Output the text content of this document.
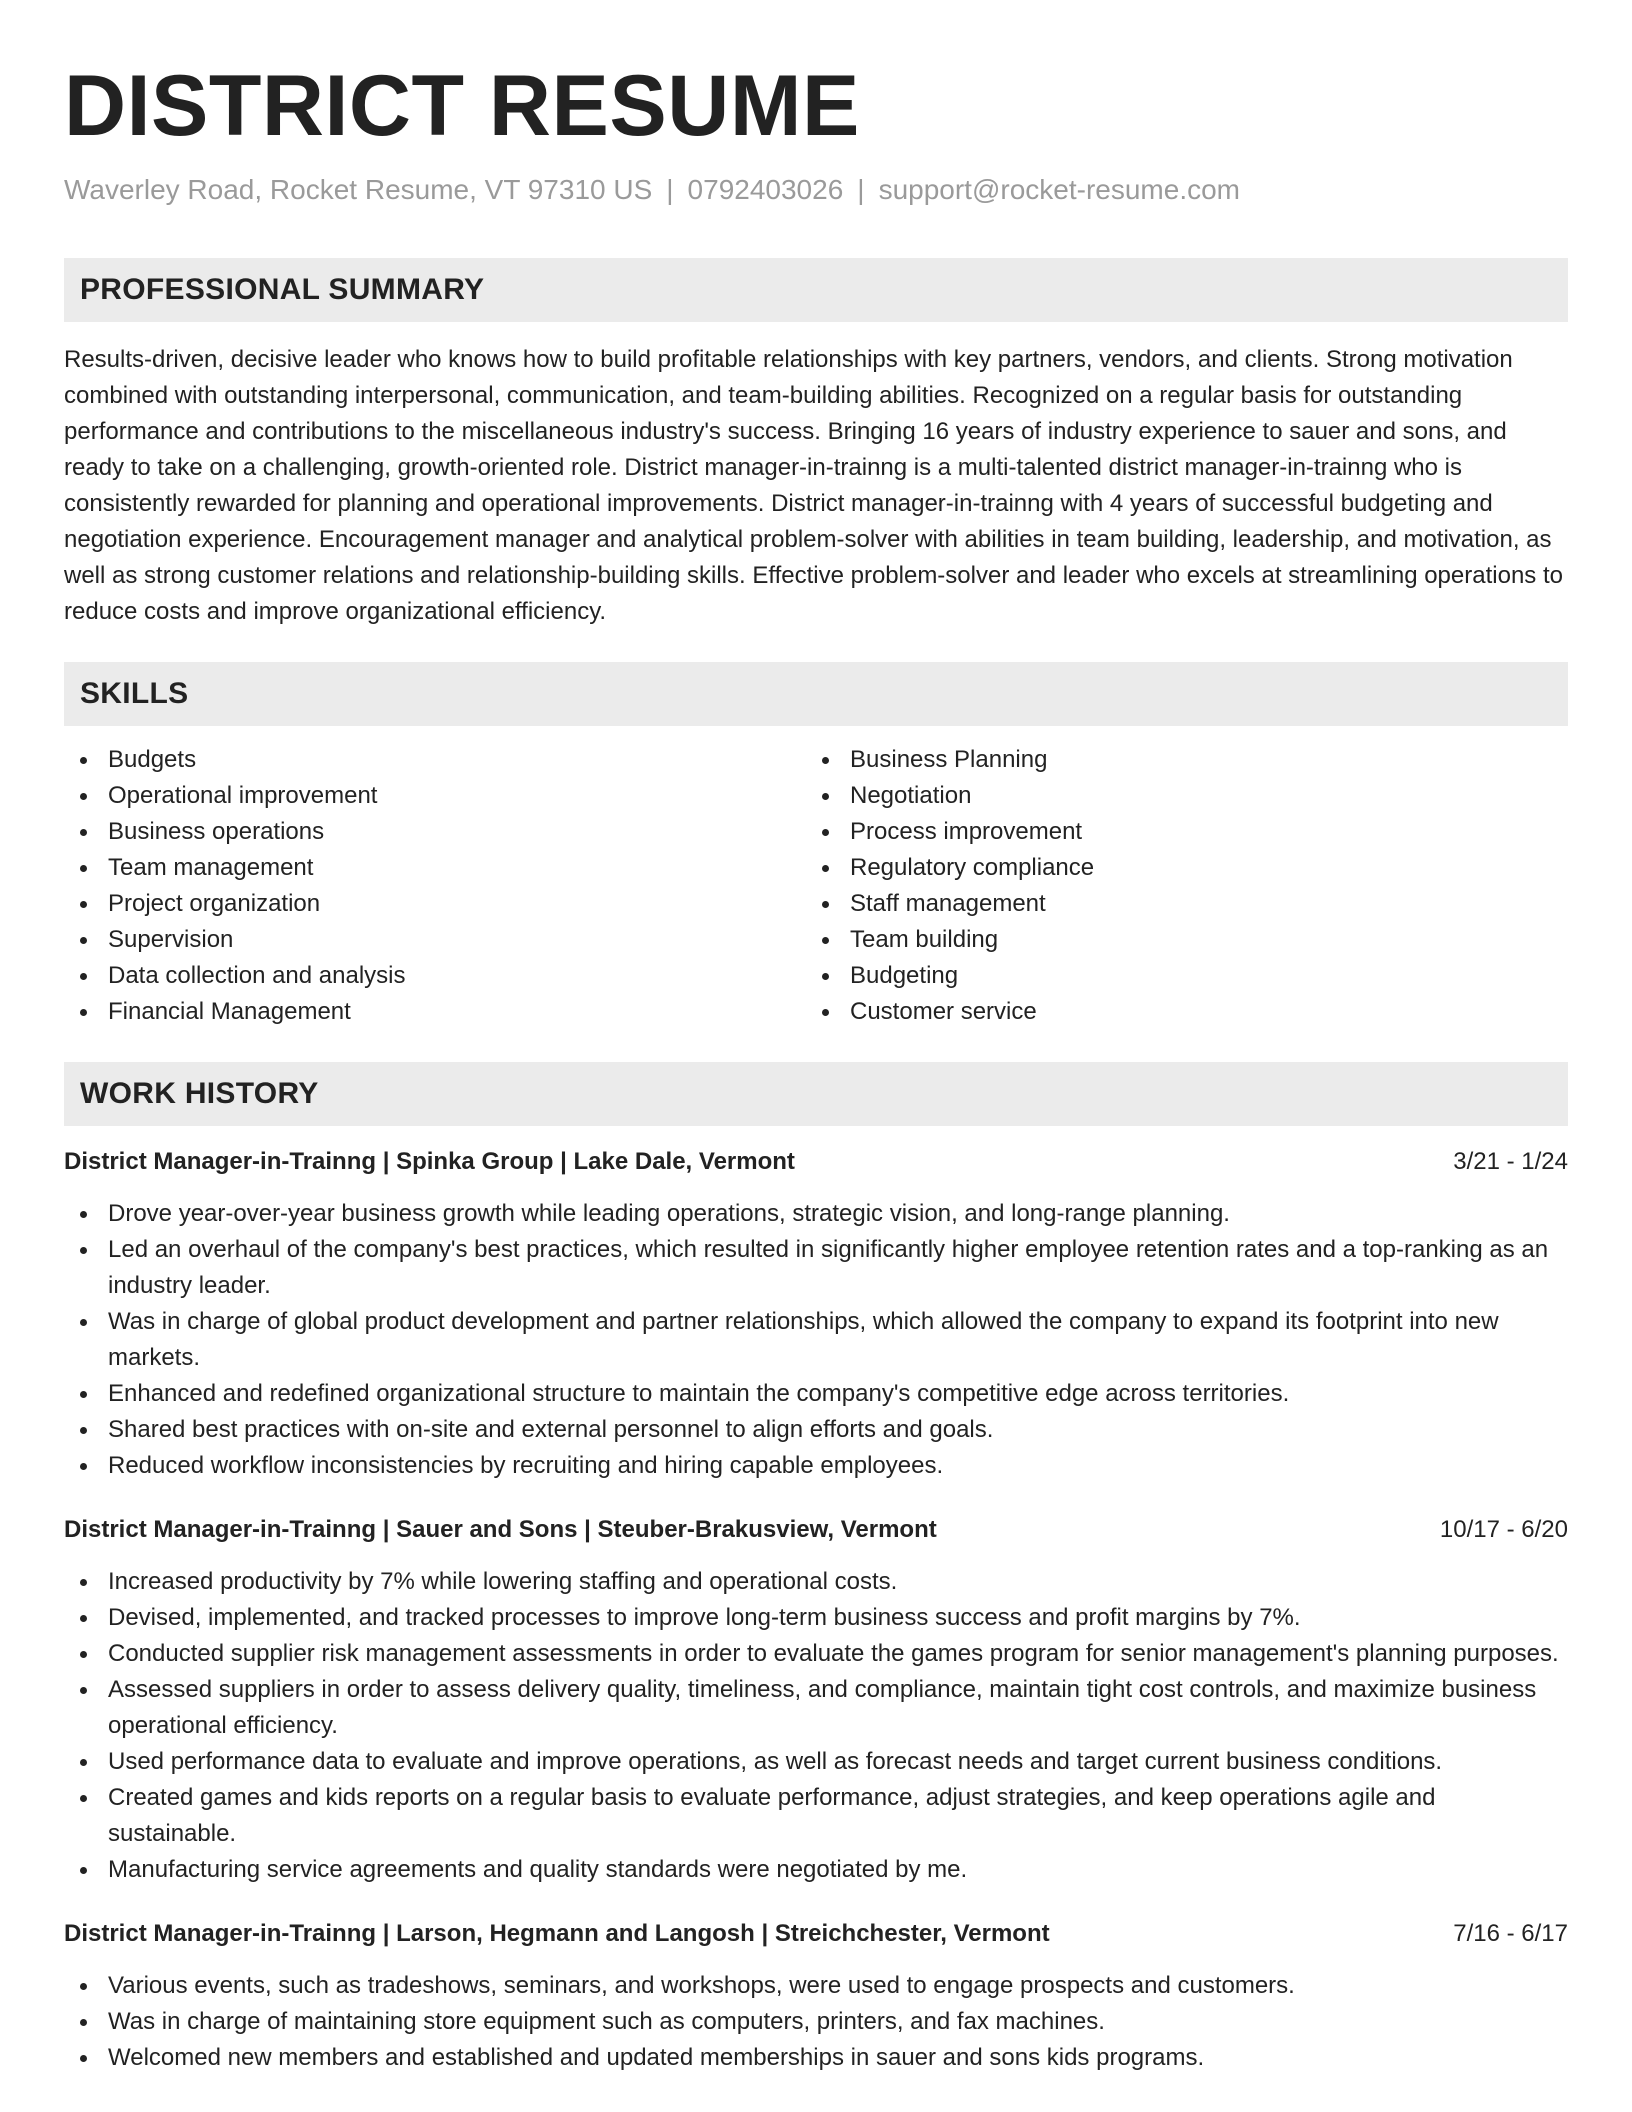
DISTRICT RESUME
Waverley Road, Rocket Resume, VT 97310 US | 0792403026 | support@rocket-resume.com
PROFESSIONAL SUMMARY
Results-driven, decisive leader who knows how to build profitable relationships with key partners, vendors, and clients. Strong motivation combined with outstanding interpersonal, communication, and team-building abilities. Recognized on a regular basis for outstanding performance and contributions to the miscellaneous industry's success. Bringing 16 years of industry experience to sauer and sons, and ready to take on a challenging, growth-oriented role. District manager-in-trainng is a multi-talented district manager-in-trainng who is consistently rewarded for planning and operational improvements. District manager-in-trainng with 4 years of successful budgeting and negotiation experience. Encouragement manager and analytical problem-solver with abilities in team building, leadership, and motivation, as well as strong customer relations and relationship-building skills. Effective problem-solver and leader who excels at streamlining operations to reduce costs and improve organizational efficiency.
SKILLS
Budgets
Operational improvement
Business operations
Team management
Project organization
Supervision
Data collection and analysis
Financial Management
Business Planning
Negotiation
Process improvement
Regulatory compliance
Staff management
Team building
Budgeting
Customer service
WORK HISTORY
District Manager-in-Trainng | Spinka Group | Lake Dale, Vermont	3/21 - 1/24
Drove year-over-year business growth while leading operations, strategic vision, and long-range planning.
Led an overhaul of the company's best practices, which resulted in significantly higher employee retention rates and a top-ranking as an industry leader.
Was in charge of global product development and partner relationships, which allowed the company to expand its footprint into new markets.
Enhanced and redefined organizational structure to maintain the company's competitive edge across territories.
Shared best practices with on-site and external personnel to align efforts and goals.
Reduced workflow inconsistencies by recruiting and hiring capable employees.
District Manager-in-Trainng | Sauer and Sons | Steuber-Brakusview, Vermont	10/17 - 6/20
Increased productivity by 7% while lowering staffing and operational costs.
Devised, implemented, and tracked processes to improve long-term business success and profit margins by 7%.
Conducted supplier risk management assessments in order to evaluate the games program for senior management's planning purposes.
Assessed suppliers in order to assess delivery quality, timeliness, and compliance, maintain tight cost controls, and maximize business operational efficiency.
Used performance data to evaluate and improve operations, as well as forecast needs and target current business conditions.
Created games and kids reports on a regular basis to evaluate performance, adjust strategies, and keep operations agile and sustainable.
Manufacturing service agreements and quality standards were negotiated by me.
District Manager-in-Trainng | Larson, Hegmann and Langosh | Streichchester, Vermont	7/16 - 6/17
Various events, such as tradeshows, seminars, and workshops, were used to engage prospects and customers.
Was in charge of maintaining store equipment such as computers, printers, and fax machines.
Welcomed new members and established and updated memberships in sauer and sons kids programs.
